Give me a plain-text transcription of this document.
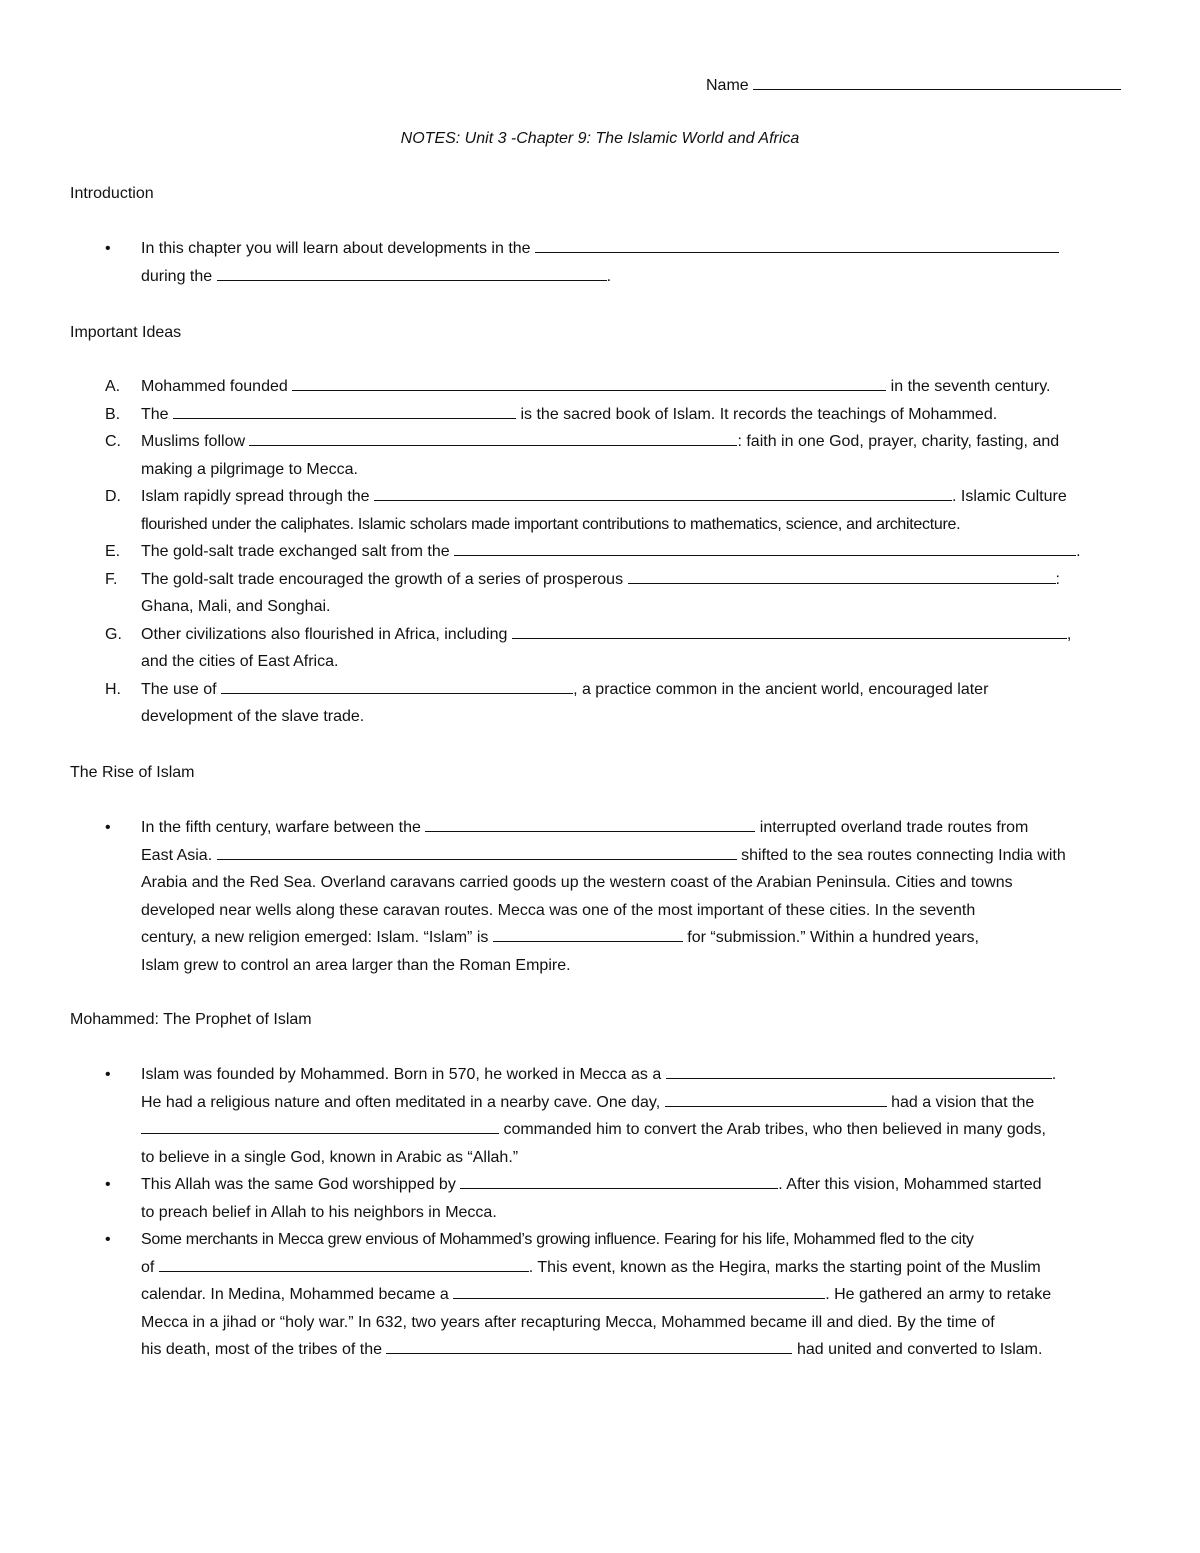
Name
NOTES: Unit 3 -Chapter 9: The Islamic World and Africa
Introduction
• In this chapter you will learn about developments in the
during the	.
Important Ideas
A. Mohammed founded	in the seventh century.
B. The	is the sacred book of Islam. It records the teachings of Mohammed.
C. Muslims follow	: faith in one God, prayer, charity, fasting, and
making a pilgrimage to Mecca.
D. Islam rapidly spread through the	. Islamic Culture
flourished under the caliphates. Islamic scholars made important contributions to mathematics, science, and architecture.
E. The gold-salt trade exchanged salt from the	.
F. The gold-salt trade encouraged the growth of a series of prosperous	:
Ghana, Mali, and Songhai.
G. Other civilizations also flourished in Africa, including	,
and the cities of East Africa.
H. The use of	, a practice common in the ancient world, encouraged later
development of the slave trade.
The Rise of Islam
• In the fifth century, warfare between the	interrupted overland trade routes from
East Asia.	shifted to the sea routes connecting India with
Arabia and the Red Sea. Overland caravans carried goods up the western coast of the Arabian Peninsula. Cities and towns
developed near wells along these caravan routes. Mecca was one of the most important of these cities. In the seventh
century, a new religion emerged: Islam. “Islam” is	for “submission.” Within a hundred years,
Islam grew to control an area larger than the Roman Empire.
Mohammed: The Prophet of Islam
• Islam was founded by Mohammed. Born in 570, he worked in Mecca as a	.
He had a religious nature and often meditated in a nearby cave. One day,	had a vision that the
commanded him to convert the Arab tribes, who then believed in many gods,
to believe in a single God, known in Arabic as “Allah.”
• This Allah was the same God worshipped by	. After this vision, Mohammed started
to preach belief in Allah to his neighbors in Mecca.
• Some merchants in Mecca grew envious of Mohammed’s growing influence. Fearing for his life, Mohammed fled to the city
of	. This event, known as the Hegira, marks the starting point of the Muslim
calendar. In Medina, Mohammed became a	. He gathered an army to retake
Mecca in a jihad or “holy war.” In 632, two years after recapturing Mecca, Mohammed became ill and died. By the time of
his death, most of the tribes of the	had united and converted to Islam.
